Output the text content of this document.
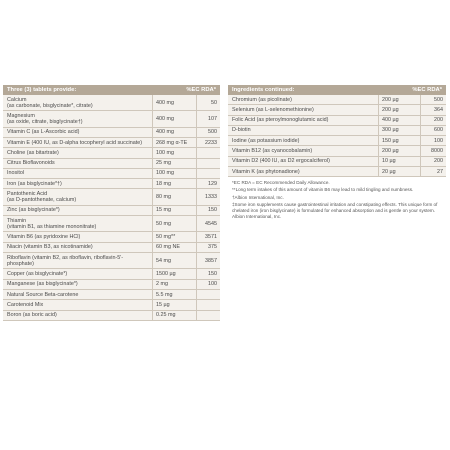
Three (3) tablets provide:	%EC RDA*
Calcium
(as carbonate, bisglycinate*, citrate)
400 mg	50
Magnesium
(as oxide, citrate, bisglycinate†)
400 mg	107
Vitamin C (as L-Ascorbic acid)	400 mg	500
Vitamin E (400 IU, as D-alpha tocopheryl acid succinate)	268 mg α-TE	2233
Choline (as bitartrate)	100 mg
Citrus Bioflavonoids	25 mg
Inositol	100 mg
Iron (as bisglycinate*†)	18 mg	129
Pantothenic Acid
(as D-pantothenate, calcium)
80 mg	1333
Zinc (as bisglycinate*)	15 mg	150
Thiamin
(vitamin B1, as thiamine mononitrate)
50 mg	4545
Vitamin B6 (as pyridoxine HCl)	50 mg**	3571
Niacin (vitamin B3, as nicotinamide)	60 mg NE	375
Riboflavin (vitamin B2, as riboflavin, riboflavin-5'-phosphate)
54 mg	3857
Copper (as bisglycinate*)	1500 µg	150
Manganese (as bisglycinate*)	2 mg	100
Natural Source Beta-carotene	5.5 mg
Carotenoid Mix	15 µg
Boron (as boric acid)	0.25 mg
Ingredients continued:	%EC RDA*
Chromium (as picolinate)	200 µg	500
Selenium (as L-selenomethionine)	200 µg	364
Folic Acid (as pteroylmonoglutamic acid)	400 µg	200
D-biotin	300 µg	600
Iodine (as potassium iodide)	150 µg	100
Vitamin B12 (as cyanocobalamin)	200 µg	8000
Vitamin D2 (400 IU, as D2 ergocalciferol)	10 µg	200
Vitamin K (as phytonadione)	20 µg	27
*EC RDA = EC Recommended Daily Allowance.
**Long term intakes of this amount of vitamin B6 may lead to mild tingling and numbness.
†Albion International, Inc.
‡Some iron supplements cause gastrointestinal irritation and constipating effects. This unique form of chelated iron (iron bisglycinate) is formulated for enhanced absorption and is gentle on your system. Albion International, Inc.
